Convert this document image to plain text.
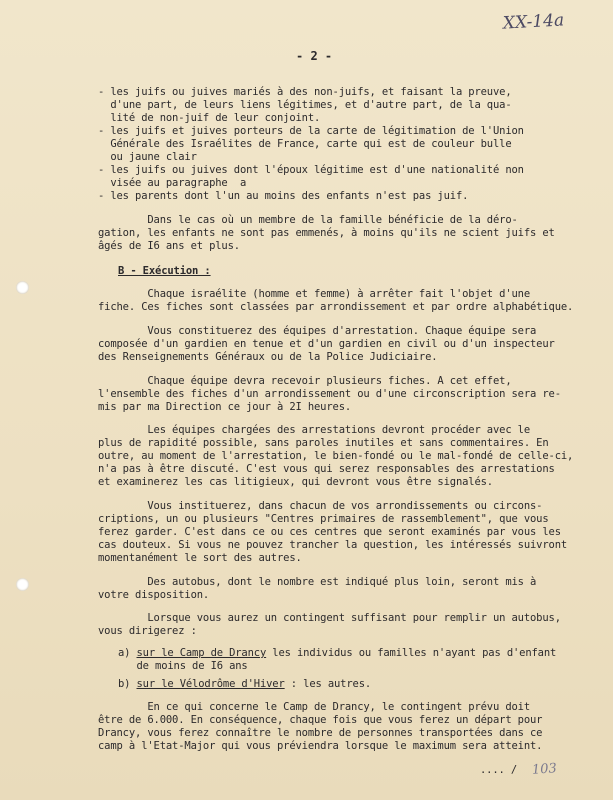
XX-14a
- 2 -
- les juifs ou juives mariés à des non-juifs, et faisant la preuve,
d'une part, de leurs liens légitimes, et d'autre part, de la qua-
lité de non-juif de leur conjoint.
- les juifs et juives porteurs de la carte de légitimation de l'Union
Générale des Israélites de France, carte qui est de couleur bulle
ou jaune clair
- les juifs ou juives dont l'époux légitime est d'une nationalité non
visée au paragraphe  a
- les parents dont l'un au moins des enfants n'est pas juif.
Dans le cas où un membre de la famille bénéficie de la déro-
gation, les enfants ne sont pas emmenés, à moins qu'ils ne scient juifs et
âgés de I6 ans et plus.
B - Exécution :
Chaque israélite (homme et femme) à arrêter fait l'objet d'une
fiche. Ces fiches sont classées par arrondissement et par ordre alphabétique.
Vous constituerez des équipes d'arrestation. Chaque équipe sera
composée d'un gardien en tenue et d'un gardien en civil ou d'un inspecteur
des Renseignements Généraux ou de la Police Judiciaire.
Chaque équipe devra recevoir plusieurs fiches. A cet effet,
l'ensemble des fiches d'un arrondissement ou d'une circonscription sera re-
mis par ma Direction ce jour à 2I heures.
Les équipes chargées des arrestations devront procéder avec le
plus de rapidité possible, sans paroles inutiles et sans commentaires. En
outre, au moment de l'arrestation, le bien-fondé ou le mal-fondé de celle-ci,
n'a pas à être discuté. C'est vous qui serez responsables des arrestations
et examinerez les cas litigieux, qui devront vous être signalés.
Vous instituerez, dans chacun de vos arrondissements ou circons-
criptions, un ou plusieurs "Centres primaires de rassemblement", que vous
ferez garder. C'est dans ce ou ces centres que seront examinés par vous les
cas douteux. Si vous ne pouvez trancher la question, les intéressés suivront
momentanément le sort des autres.
Des autobus, dont le nombre est indiqué plus loin, seront mis à
votre disposition.
Lorsque vous aurez un contingent suffisant pour remplir un autobus,
vous dirigerez :
a) sur le Camp de Drancy les individus ou familles n'ayant pas d'enfant
de moins de I6 ans
b) sur le Vélodrôme d'Hiver : les autres.
En ce qui concerne le Camp de Drancy, le contingent prévu doit
être de 6.000. En conséquence, chaque fois que vous ferez un départ pour
Drancy, vous ferez connaître le nombre de personnes transportées dans ce
camp à l'Etat-Major qui vous préviendra lorsque le maximum sera atteint.
.... / 103
